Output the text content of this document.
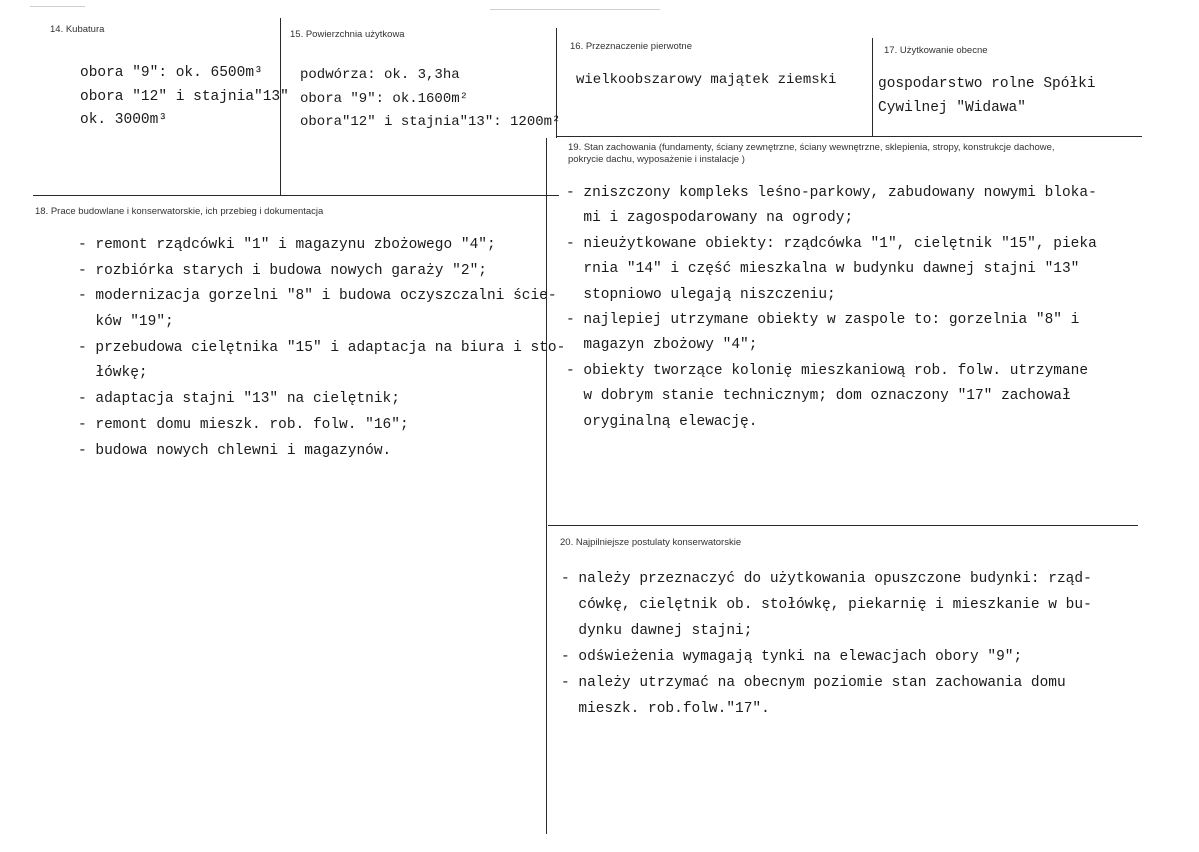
14. Kubatura
obora "9": ok. 6500m³
obora "12" i stajnia"13"
ok. 3000m³
15. Powierzchnia użytkowa
podwórza: ok. 3,3ha
obora "9": ok.1600m²
obora"12" i stajnia"13": 1200m²
16. Przeznaczenie pierwotne
wielkoobszarowy majątek ziemski
17. Użytkowanie obecne
gospodarstwo rolne Spółki
Cywilnej "Widawa"
18. Prace budowlane i konserwatorskie, ich przebieg i dokumentacja
- remont rządcówki "1" i magazynu zbożowego "4";
- rozbiórka starych i budowa nowych garaży "2";
- modernizacja gorzelni "8" i budowa oczyszczalni ście-
ków "19";
- przebudowa cielętnika "15" i adaptacja na biura i sto-
łówkę;
- adaptacja stajni "13" na cielętnik;
- remont domu mieszk. rob. folw. "16";
- budowa nowych chlewni i magazynów.
19. Stan zachowania (fundamenty, ściany zewnętrzne, ściany wewnętrzne, sklepienia, stropy, konstrukcje dachowe, pokrycie dachu, wyposażenie i instalacje )
- zniszczony kompleks leśno-parkowy, zabudowany nowymi bloka-
mi i zagospodarowany na ogrody;
- nieużytkowane obiekty: rządcówka "1", cielętnik "15", pieka
rnia "14" i część mieszkalna w budynku dawnej stajni "13"
stopniowo ulegają niszczeniu;
- najlepiej utrzymane obiekty w zaspole to: gorzelnia "8" i
magazyn zbożowy "4";
- obiekty tworzące kolonię mieszkaniową rob. folw. utrzymane
w dobrym stanie technicznym; dom oznaczony "17" zachował
oryginalną elewację.
20. Najpilniejsze postulaty konserwatorskie
- należy przeznaczyć do użytkowania opuszczone budynki: rząd-
cówkę, cielętnik ob. stołówkę, piekarnię i mieszkanie w bu-
dynku dawnej stajni;
- odświeżenia wymagają tynki na elewacjach obory "9";
- należy utrzymać na obecnym poziomie stan zachowania domu
mieszk. rob.folw."17".
